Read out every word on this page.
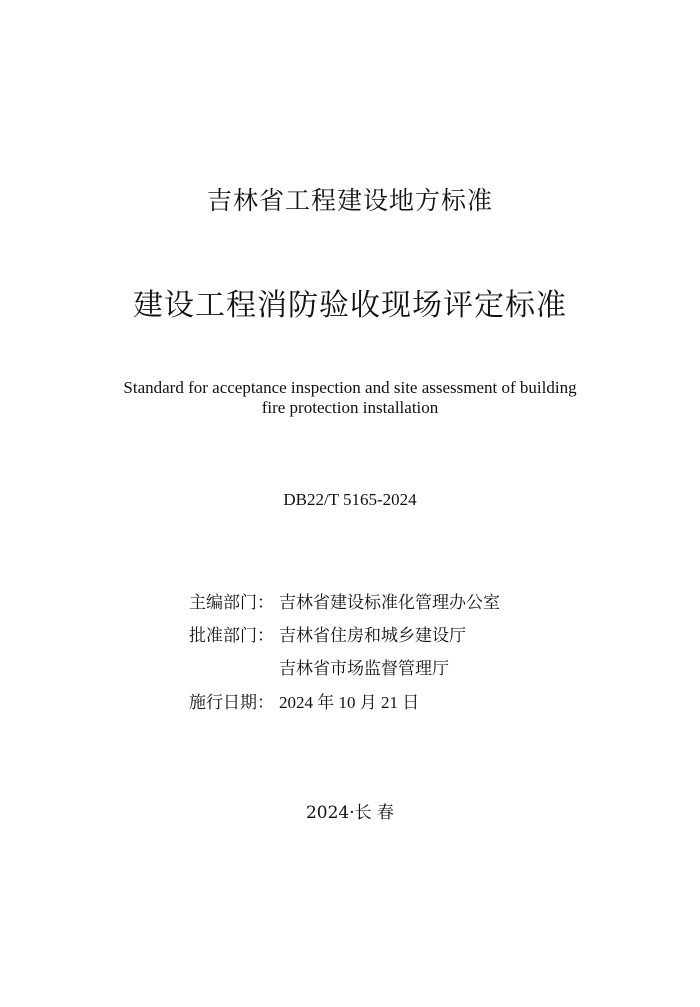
吉林省工程建设地方标准
建设工程消防验收现场评定标准
Standard for acceptance inspection and site assessment of building
fire protection installation
DB22/T 5165-2024
主编部门： 吉林省建设标准化管理办公室
批准部门： 吉林省住房和城乡建设厅
吉林省市场监督管理厅
施行日期： 2024 年 10 月 21 日
2024·长 春
